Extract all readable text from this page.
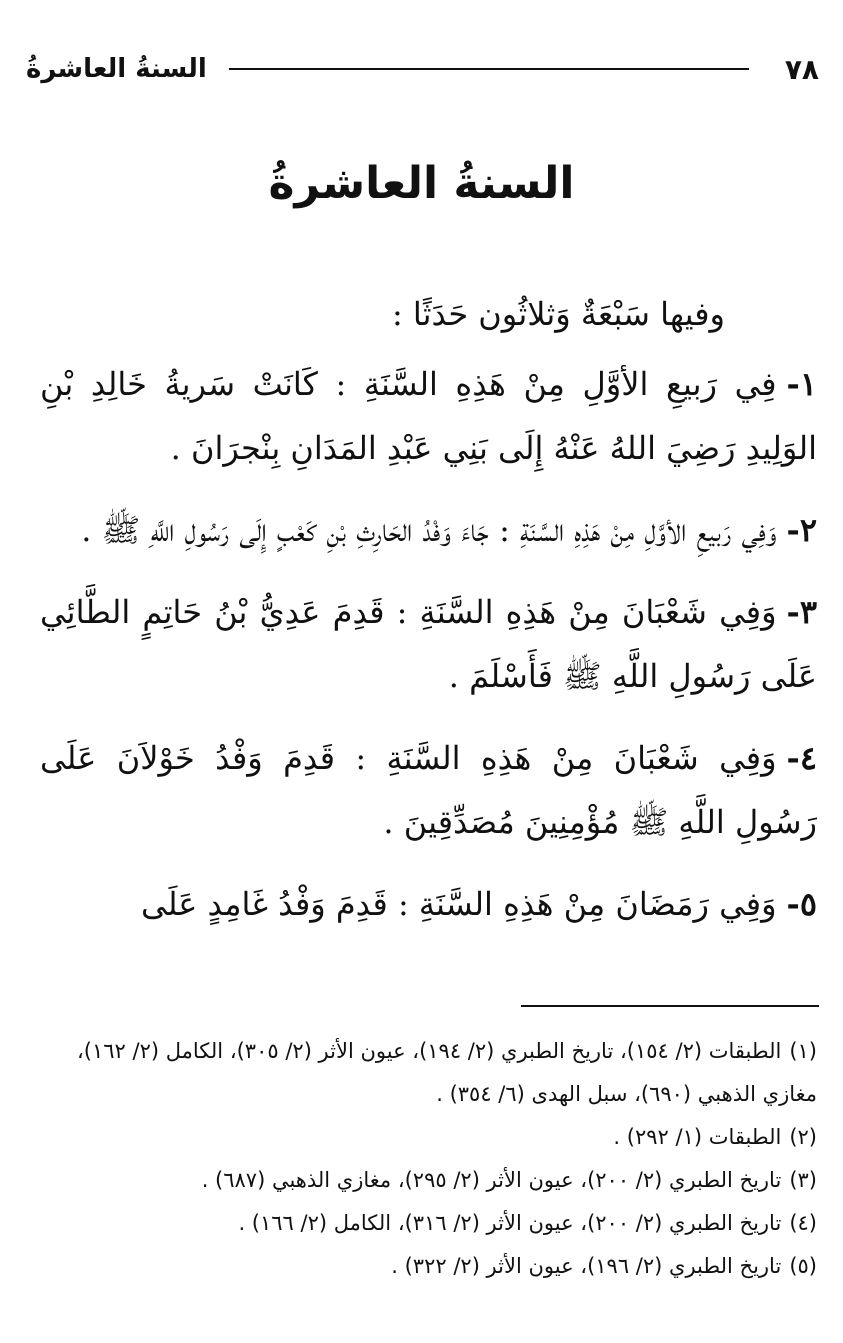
٧٨
السنةُ العاشرةُ
السنةُ العاشرةُ

وفيها سَبْعَةٌ وَثلاثُون حَدَثًا :

١-فِي رَبيعِ الأوَّلِ مِنْ هَذِهِ السَّنَةِ : كَانَتْ سَريةُ خَالِدِ بْنِ الوَلِيدِ رَضِيَ اللهُ عَنْهُ إِلَى بَنِي عَبْدِ المَدَانِ بِنْجرَانَ .

٢-وَفِي رَبيعِ الأوَّلِ مِنْ هَذِهِ السَّنَةِ : جَاءَ وَفْدُ الحَارِثِ بْنِ كَعْبٍ إِلَى رَسُولِ اللَّهِ ﷺ .

٣-وَفِي شَعْبَانَ مِنْ هَذِهِ السَّنَةِ : قَدِمَ عَدِيُّ بْنُ حَاتِمٍ الطَّائِي عَلَى رَسُولِ اللَّهِ ﷺ فَأَسْلَمَ .

٤-وَفِي شَعْبَانَ مِنْ هَذِهِ السَّنَةِ : قَدِمَ وَفْدُ خَوْلاَنَ عَلَى رَسُولِ اللَّهِ ﷺ مُؤْمِنِينَ مُصَدِّقِينَ .

٥-وَفِي رَمَضَانَ مِنْ هَذِهِ السَّنَةِ : قَدِمَ وَفْدُ غَامِدٍ عَلَى

(١)الطبقات (٢/ ١٥٤)، تاريخ الطبري (٢/ ١٩٤)، عيون الأثر (٢/ ٣٠٥)، الكامل (٢/ ١٦٢)، مغازي الذهبي (٦٩٠)، سبل الهدى (٦/ ٣٥٤) .

(٢)الطبقات (١/ ٢٩٢) .

(٣)تاريخ الطبري (٢/ ٢٠٠)، عيون الأثر (٢/ ٢٩٥)، مغازي الذهبي (٦٨٧) .

(٤)تاريخ الطبري (٢/ ٢٠٠)، عيون الأثر (٢/ ٣١٦)، الكامل (٢/ ١٦٦) .

(٥)تاريخ الطبري (٢/ ١٩٦)، عيون الأثر (٢/ ٣٢٢) .
